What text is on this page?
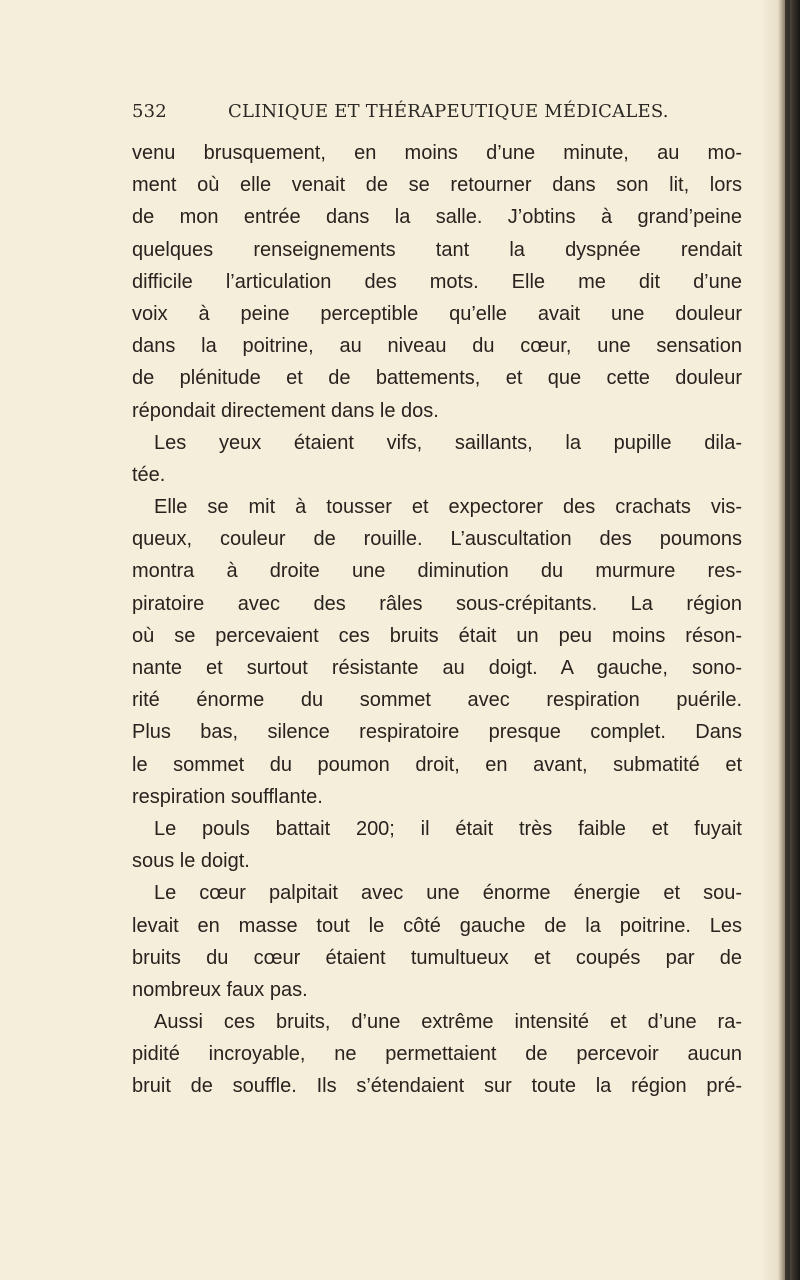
532	CLINIQUE ET THÉRAPEUTIQUE MÉDICALES.
venu brusquement, en moins d’une minute, au mo-
ment où elle venait de se retourner dans son lit, lors
de mon entrée dans la salle. J’obtins à grand’peine
quelques renseignements tant la dyspnée rendait
difficile l’articulation des mots. Elle me dit d’une
voix à peine perceptible qu’elle avait une douleur
dans la poitrine, au niveau du cœur, une sensation
de plénitude et de battements, et que cette douleur
répondait directement dans le dos.
Les yeux étaient vifs, saillants, la pupille dila-
tée.
Elle se mit à tousser et expectorer des crachats vis-
queux, couleur de rouille. L’auscultation des poumons
montra à droite une diminution du murmure res-
piratoire avec des râles sous-crépitants. La région
où se percevaient ces bruits était un peu moins réson-
nante et surtout résistante au doigt. A gauche, sono-
rité énorme du sommet avec respiration puérile.
Plus bas, silence respiratoire presque complet. Dans
le sommet du poumon droit, en avant, submatité et
respiration soufflante.
Le pouls battait 200; il était très faible et fuyait
sous le doigt.
Le cœur palpitait avec une énorme énergie et sou-
levait en masse tout le côté gauche de la poitrine. Les
bruits du cœur étaient tumultueux et coupés par de
nombreux faux pas.
Aussi ces bruits, d’une extrême intensité et d’une ra-
pidité incroyable, ne permettaient de percevoir aucun
bruit de souffle. Ils s’étendaient sur toute la région pré-
